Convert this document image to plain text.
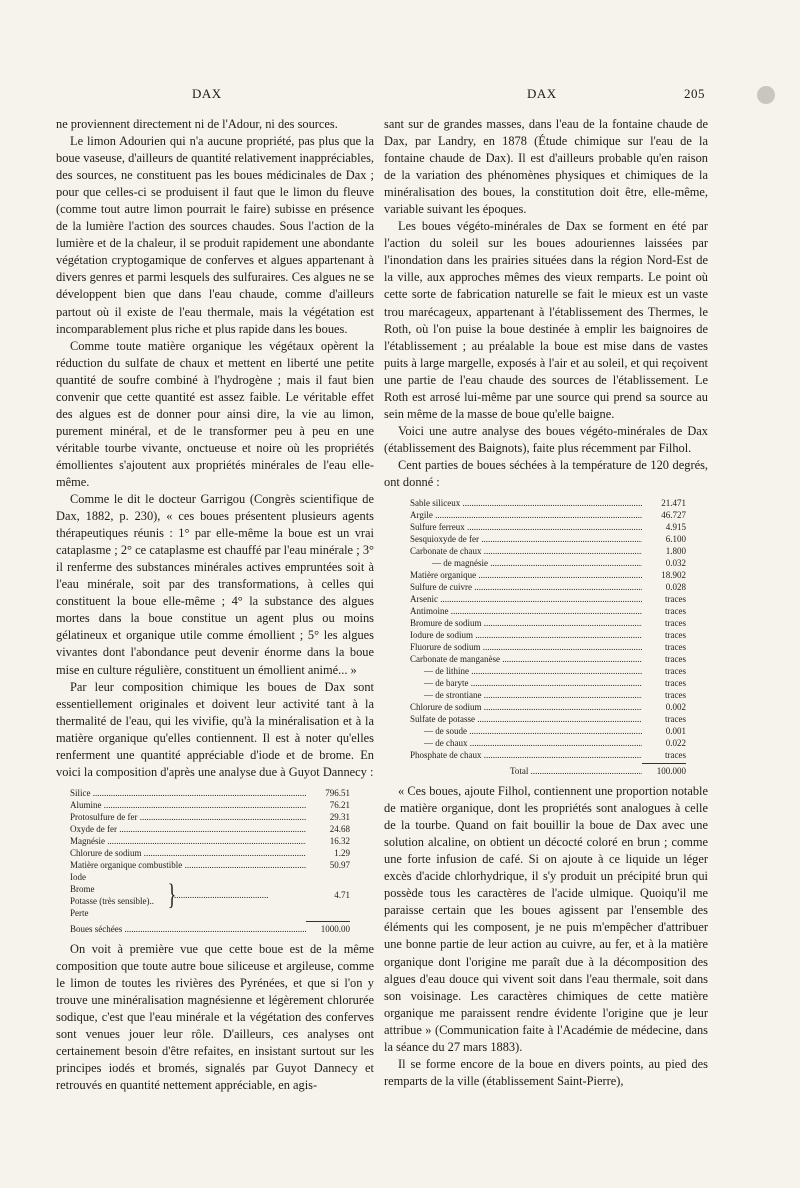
DAX	DAX	205

ne proviennent directement ni de l'Adour, ni des sources.

Le limon Adourien qui n'a aucune propriété, pas plus que la boue vaseuse, d'ailleurs de quantité relativement inappréciables, des sources, ne constituent pas les boues médicinales de Dax ; pour que celles-ci se produisent il faut que le limon du fleuve (comme tout autre limon pourrait le faire) subisse en présence de la lumière l'action des sources chaudes. Sous l'action de la lumière et de la chaleur, il se produit rapidement une abondante végétation cryptogamique de conferves et algues appartenant à divers genres et parmi lesquels des sulfuraires. Ces algues ne se développent bien que dans l'eau chaude, comme d'ailleurs partout où il existe de l'eau thermale, mais la végétation est incomparablement plus riche et plus rapide dans les boues.

Comme toute matière organique les végétaux opèrent la réduction du sulfate de chaux et mettent en liberté une petite quantité de soufre combiné à l'hydrogène ; mais il faut bien convenir que cette quantité est assez faible. Le véritable effet des algues est de donner pour ainsi dire, la vie au limon, purement minéral, et de le transformer peu à peu en une véritable tourbe vivante, onctueuse et noire où les propriétés émollientes s'ajoutent aux propriétés minérales de l'eau elle-même.

Comme le dit le docteur Garrigou (Congrès scientifique de Dax, 1882, p. 230), « ces boues présentent plusieurs agents thérapeutiques réunis : 1° par elle-même la boue est un vrai cataplasme ; 2° ce cataplasme est chauffé par l'eau minérale ; 3° il renferme des substances minérales actives empruntées soit à l'eau minérale, soit par des transformations, à celles qui constituent la boue elle-même ; 4° la substance des algues mortes dans la boue constitue un agent plus ou moins gélatineux et organique utile comme émollient ; 5° les algues vivantes dont l'abondance peut devenir énorme dans la boue mise en culture régulière, constituent un émollient animé... »

Par leur composition chimique les boues de Dax sont essentiellement originales et doivent leur activité tant à la thermalité de l'eau, qui les vivifie, qu'à la minéralisation et à la matière organique qu'elles contiennent. Il est à noter qu'elles renferment une quantité appréciable d'iode et de brome. En voici la composition d'après une analyse due à Guyot Dannecy :

Silice .....	796.51
Alumine .....	76.21
Protosulfure de fer .....	29.31
Oxyde de fer .....	24.68
Magnésie .....	16.32
Chlorure de sodium .....	1.29
Matière organique combustible .....	50.97
Iode
Brome
Potasse (très sensible)..
Perte
}
..........................................	4.71
Boues séchées .....	1000.00

On voit à première vue que cette boue est de la même composition que toute autre boue siliceuse et argileuse, comme le limon de toutes les rivières des Pyrénées, et que si l'on y trouve une minéralisation magnésienne et légèrement chlorurée sodique, c'est que l'eau minérale et la végétation des conferves sont venues jouer leur rôle. D'ailleurs, ces analyses ont certainement besoin d'être refaites, en insistant surtout sur les principes iodés et bromés, signalés par Guyot Dannecy et retrouvés en quantité nettement appréciable, en agis-

sant sur de grandes masses, dans l'eau de la fontaine chaude de Dax, par Landry, en 1878 (Étude chimique sur l'eau de la fontaine chaude de Dax). Il est d'ailleurs probable qu'en raison de la variation des phénomènes physiques et chimiques de la minéralisation des boues, la constitution doit être, elle-même, variable suivant les époques.

Les boues végéto-minérales de Dax se forment en été par l'action du soleil sur les boues adouriennes laissées par l'inondation dans les prairies situées dans la région Nord-Est de la ville, aux approches mêmes des vieux remparts. Le point où cette sorte de fabrication naturelle se fait le mieux est un vaste trou marécageux, appartenant à l'établissement des Thermes, le Roth, où l'on puise la boue destinée à emplir les baignoires de l'établissement ; au préalable la boue est mise dans de vastes puits à large margelle, exposés à l'air et au soleil, et qui reçoivent une partie de l'eau chaude des sources de l'établissement. Le Roth est arrosé lui-même par une source qui prend sa source au sein même de la masse de boue qu'elle baigne.

Voici une autre analyse des boues végéto-minérales de Dax (établissement des Baignots), faite plus récemment par Filhol.

Cent parties de boues séchées à la température de 120 degrés, ont donné :

Sable siliceux .....	21.471
Argile .....	46.727
Sulfure ferreux .....	4.915
Sesquioxyde de fer .....	6.100
Carbonate de chaux .....	1.800
— de magnésie .....	0.032
Matière organique .....	18.902
Sulfure de cuivre .....	0.028
Arsenic .....	traces
Antimoine .....	traces
Bromure de sodium .....	traces
Iodure de sodium .....	traces
Fluorure de sodium .....	traces
Carbonate de manganèse .....	traces
— de lithine .....	traces
— de baryte .....	traces
— de strontiane .....	traces
Chlorure de sodium .....	0.002
Sulfate de potasse .....	traces
— de soude .....	0.001
— de chaux .....	0.022
Phosphate de chaux .....	traces
Total .....	100.000

« Ces boues, ajoute Filhol, contiennent une proportion notable de matière organique, dont les propriétés sont analogues à celle de la tourbe. Quand on fait bouillir la boue de Dax avec une solution alcaline, on obtient un décocté coloré en brun ; comme une forte infusion de café. Si on ajoute à ce liquide un léger excès d'acide chlorhydrique, il s'y produit un précipité brun qui possède tous les caractères de l'acide ulmique. Quoiqu'il me paraisse certain que les boues agissent par l'ensemble des éléments qui les composent, je ne puis m'empêcher d'attribuer une bonne partie de leur action au cuivre, au fer, et à la matière organique dont l'origine me paraît due à la décomposition des algues d'eau douce qui vivent soit dans l'eau thermale, soit dans son voisinage. Les caractères chimiques de cette matière organique me paraissent rendre évidente l'origine que je leur attribue » (Communication faite à l'Académie de médecine, dans la séance du 27 mars 1883).

Il se forme encore de la boue en divers points, au pied des remparts de la ville (établissement Saint-Pierre),
